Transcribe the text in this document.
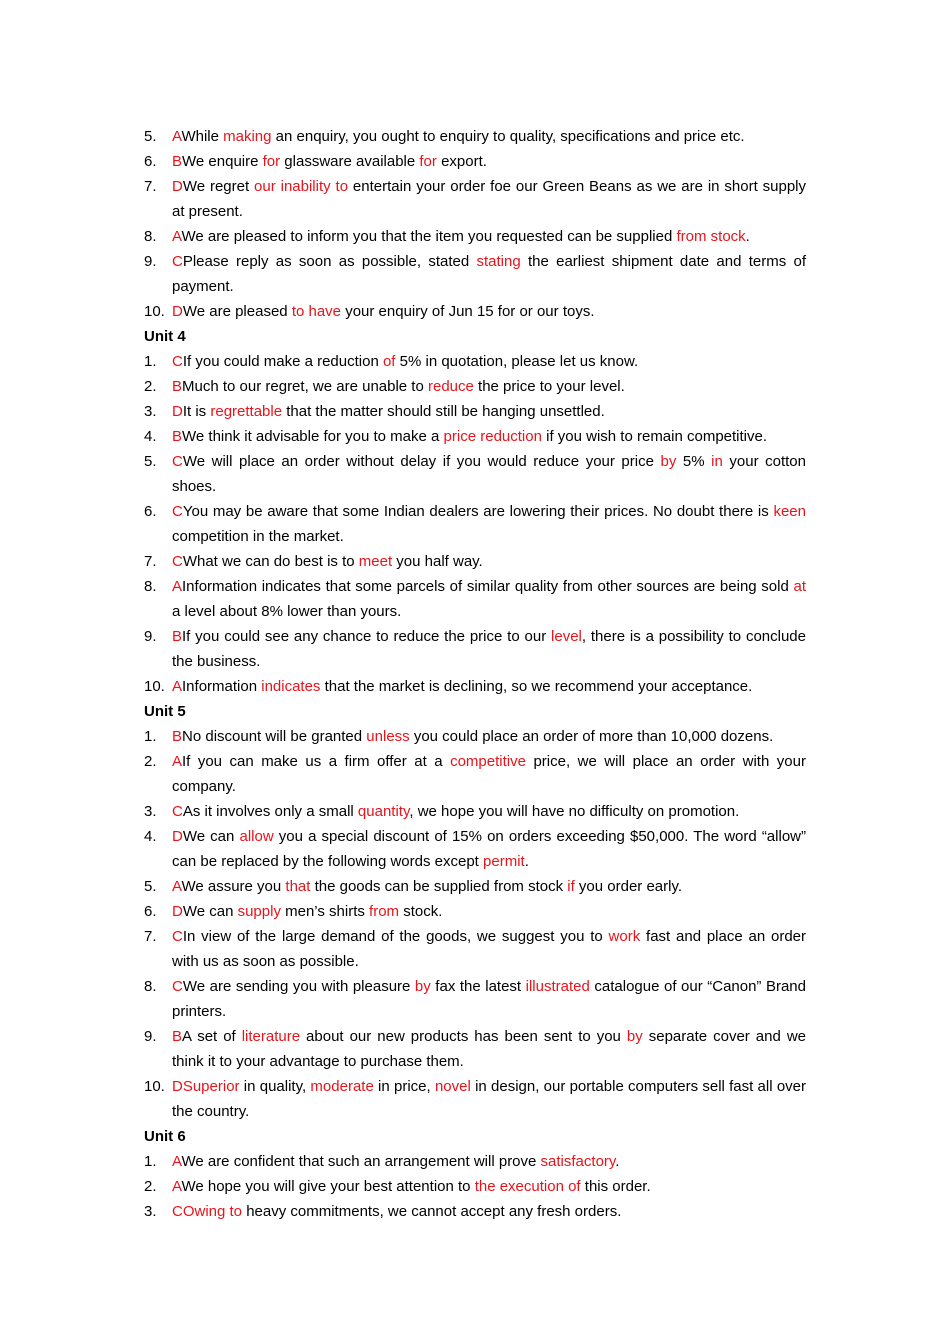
5.	AWhile making an enquiry, you ought to enquiry to quality, specifications and price etc.
6.	BWe enquire for glassware available for export.
7.	DWe regret our inability to entertain your order foe our Green Beans as we are in short supply at present.
8.	AWe are pleased to inform you that the item you requested can be supplied from stock.
9.	CPlease reply as soon as possible, stated stating the earliest shipment date and terms of payment.
10. DWe are pleased to have your enquiry of Jun 15 for or our toys.
Unit 4
1.	CIf you could make a reduction of 5% in quotation, please let us know.
2.	BMuch to our regret, we are unable to reduce the price to your level.
3.	DIt is regrettable that the matter should still be hanging unsettled.
4.	BWe think it advisable for you to make a price reduction if you wish to remain competitive.
5.	CWe will place an order without delay if you would reduce your price by 5% in your cotton shoes.
6.	CYou may be aware that some Indian dealers are lowering their prices. No doubt there is keen competition in the market.
7.	CWhat we can do best is to meet you half way.
8.	AInformation indicates that some parcels of similar quality from other sources are being sold at a level about 8% lower than yours.
9.	BIf you could see any chance to reduce the price to our level, there is a possibility to conclude the business.
10. AInformation indicates that the market is declining, so we recommend your acceptance.
Unit 5
1.	BNo discount will be granted unless you could place an order of more than 10,000 dozens.
2.	AIf you can make us a firm offer at a competitive price, we will place an order with your company.
3.	CAs it involves only a small quantity, we hope you will have no difficulty on promotion.
4.	DWe can allow you a special discount of 15% on orders exceeding $50,000. The word “allow” can be replaced by the following words except permit.
5.	AWe assure you that the goods can be supplied from stock if you order early.
6.	DWe can supply men’s shirts from stock.
7.	CIn view of the large demand of the goods, we suggest you to work fast and place an order with us as soon as possible.
8.	CWe are sending you with pleasure by fax the latest illustrated catalogue of our “Canon” Brand printers.
9.	BA set of literature about our new products has been sent to you by separate cover and we think it to your advantage to purchase them.
10. DSuperior in quality, moderate in price, novel in design, our portable computers sell fast all over the country.
Unit 6
1.	AWe are confident that such an arrangement will prove satisfactory.
2.	AWe hope you will give your best attention to the execution of this order.
3.	COwing to heavy commitments, we cannot accept any fresh orders.
